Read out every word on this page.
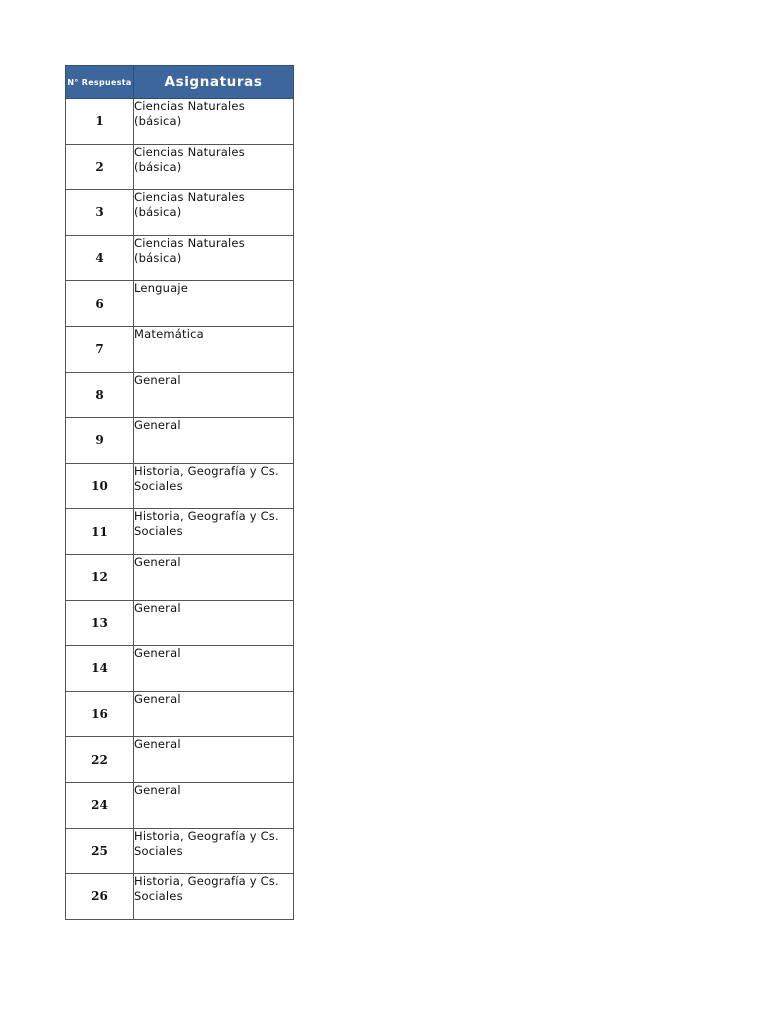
N° Respuesta	Asignaturas
1	Ciencias Naturales (básica)
2	Ciencias Naturales (básica)
3	Ciencias Naturales (básica)
4	Ciencias Naturales (básica)
6	Lenguaje
7	Matemática
8	General
9	General
10	Historia, Geografía y Cs. Sociales
11	Historia, Geografía y Cs. Sociales
12	General
13	General
14	General
16	General
22	General
24	General
25	Historia, Geografía y Cs. Sociales
26	Historia, Geografía y Cs. Sociales
